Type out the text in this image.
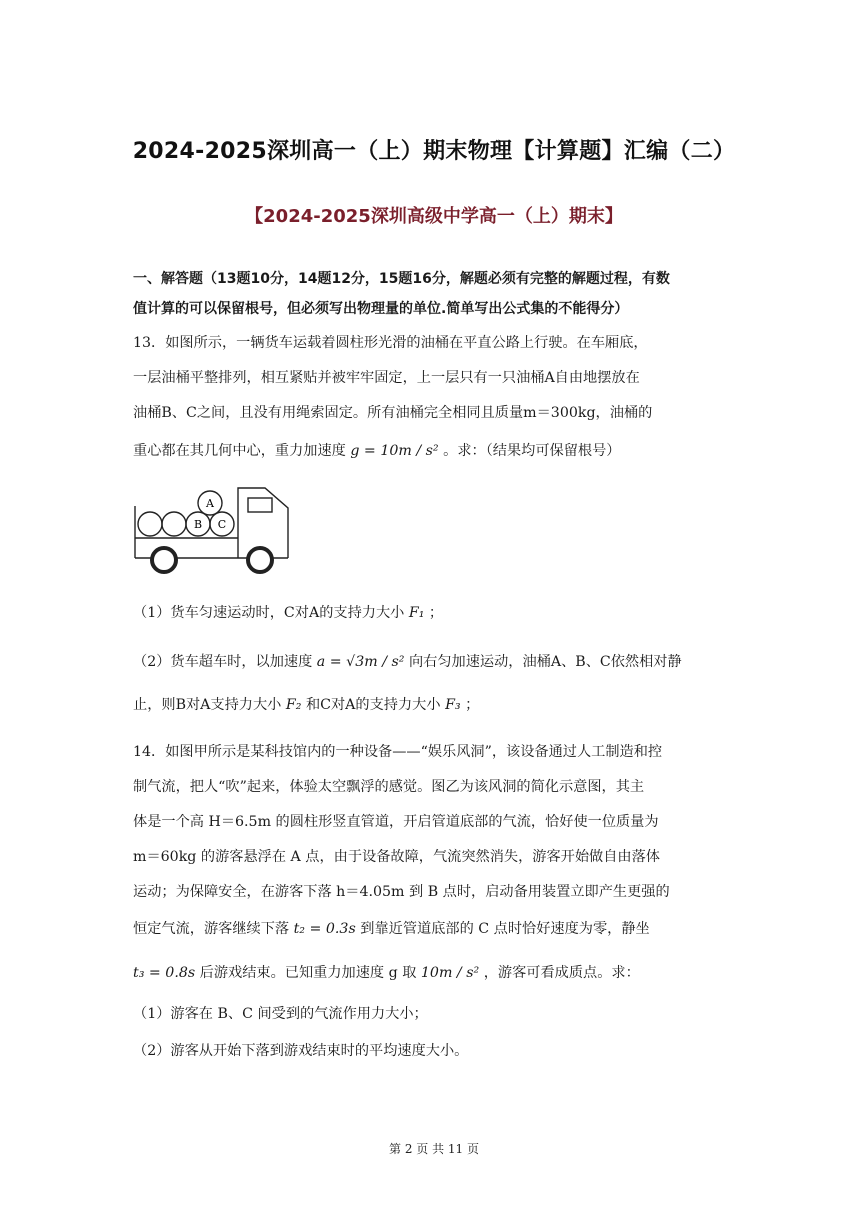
2024-2025深圳高一（上）期末物理【计算题】汇编（二）
【2024-2025深圳高级中学高一（上）期末】
一、解答题（13题10分，14题12分，15题16分，解题必须有完整的解题过程，有数
值计算的可以保留根号，但必须写出物理量的单位.简单写出公式集的不能得分）
13．如图所示，一辆货车运载着圆柱形光滑的油桶在平直公路上行驶。在车厢底，
一层油桶平整排列，相互紧贴并被牢牢固定，上一层只有一只油桶A自由地摆放在
油桶B、C之间，且没有用绳索固定。所有油桶完全相同且质量m＝300kg，油桶的
重心都在其几何中心，重力加速度 g = 10m / s² 。求：（结果均可保留根号）
A
B C
（1）货车匀速运动时，C对A的支持力大小 F₁ ；
（2）货车超车时，以加速度 a = √3m / s² 向右匀加速运动，油桶A、B、C依然相对静
止，则B对A支持力大小 F₂ 和C对A的支持力大小 F₃ ；
14．如图甲所示是某科技馆内的一种设备——“娱乐风洞”，该设备通过人工制造和控
制气流，把人“吹”起来，体验太空飘浮的感觉。图乙为该风洞的简化示意图，其主
体是一个高 H＝6.5m 的圆柱形竖直管道，开启管道底部的气流，恰好使一位质量为
m＝60kg 的游客悬浮在 A 点，由于设备故障，气流突然消失，游客开始做自由落体
运动；为保障安全，在游客下落 h＝4.05m 到 B 点时，启动备用装置立即产生更强的
恒定气流，游客继续下落 t₂ = 0.3s 到靠近管道底部的 C 点时恰好速度为零，静坐
t₃ = 0.8s 后游戏结束。已知重力加速度 g 取 10m / s² ，游客可看成质点。求：
（1）游客在 B、C 间受到的气流作用力大小；
（2）游客从开始下落到游戏结束时的平均速度大小。
第 2 页 共 11 页
